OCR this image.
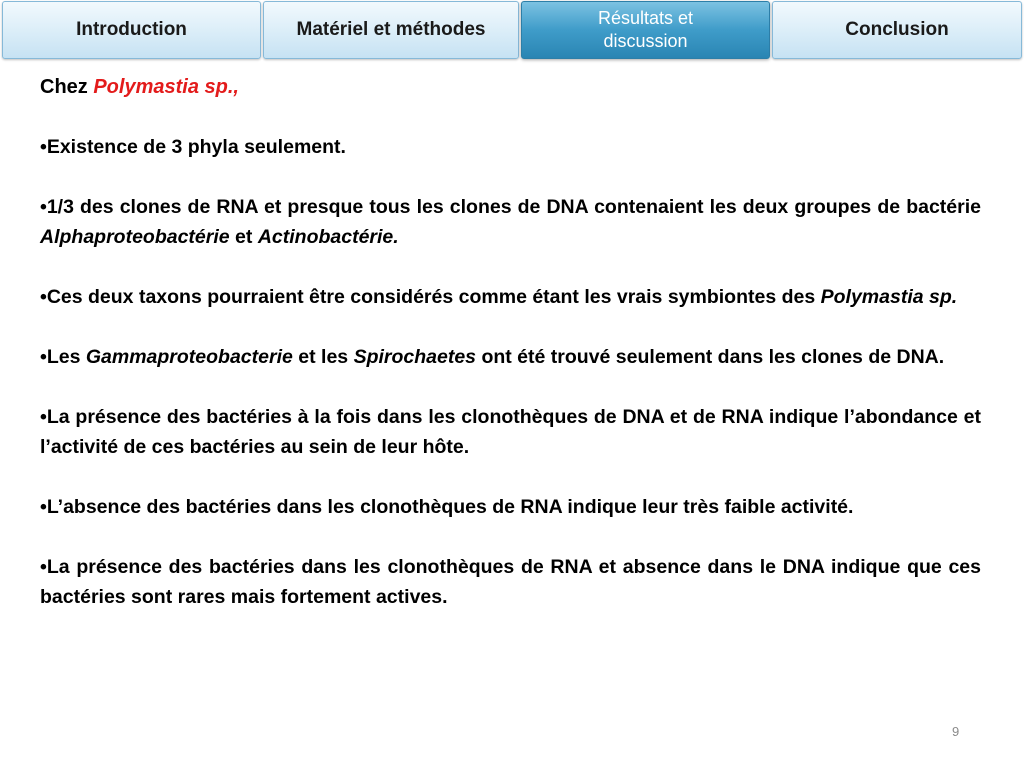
Introduction	Matériel et méthodes
Résultats et
discussion
Conclusion

Chez Polymastia sp.,

•Existence de 3 phyla seulement.

•1/3 des clones de RNA et presque tous les clones de DNA contenaient les deux groupes de bactérie Alphaproteobactérie et Actinobactérie.

•Ces deux taxons pourraient être considérés comme étant les vrais symbiontes des Polymastia sp.

•Les Gammaproteobacterie et les Spirochaetes ont été trouvé seulement dans les clones de DNA.

•La présence des bactéries à la fois dans les clonothèques de DNA et de RNA indique l’abondance et l’activité de ces bactéries au sein de leur hôte.

•L’absence des bactéries dans les clonothèques de RNA indique leur très faible activité.

•La présence des bactéries dans les clonothèques de RNA et absence dans le DNA indique que ces bactéries sont rares mais fortement actives.

9
